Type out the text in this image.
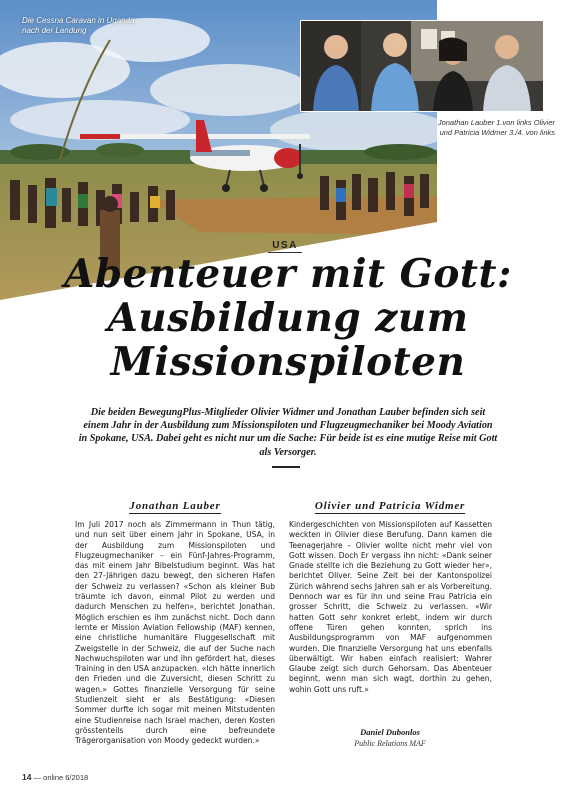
Die Cessna Caravan in Uganda nach der Landung
Jonathan Lauber 1.von links Olivier und Patricia Widmer 3./4. von links
USA
Abenteuer mit Gott:
Ausbildung zum
Missionspiloten
Die beiden BewegungPlus-Mitglieder Olivier Widmer und Jonathan Lauber befinden sich seit einem Jahr in der Ausbildung zum Missionspiloten und Flugzeugmechaniker bei Moody Aviation in Spokane, USA. Dabei geht es nicht nur um die Sache: Für beide ist es eine mutige Reise mit Gott als Versorger.
Jonathan Lauber	Olivier und Patricia Widmer
Im Juli 2017 noch als Zimmermann in Thun tätig, und nun seit über einem Jahr in Spokane, USA, in der Ausbildung zum Missionspiloten und Flugzeugmechaniker – ein Fünf-Jahres-Programm, das mit einem Jahr Bibelstudium beginnt. Was hat den 27-Jährigen dazu bewegt, den sicheren Hafen der Schweiz zu verlassen? «Schon als kleiner Bub träumte ich davon, einmal Pilot zu werden und dadurch Menschen zu helfen», berichtet Jonathan. Möglich erschien es ihm zunächst nicht. Doch dann lernte er Mission Aviation Fellowship (MAF) kennen, eine christliche humanitäre Fluggesellschaft mit Zweigstelle in der Schweiz, die auf der Suche nach Nachwuchspiloten war und ihn gefördert hat, dieses Training in den USA anzupacken. «Ich hätte innerlich den Frieden und die Zuversicht, diesen Schritt zu wagen.» Gottes finanzielle Versorgung für seine Studienzeit sieht er als Bestätigung: «Diesen Sommer durfte ich sogar mit meinen Mitstudenten eine Studienreise nach Israel machen, deren Kosten grösstenteils durch eine befreundete Trägerorganisation von Moody gedeckt wurden.»
Kindergeschichten von Missionspiloten auf Kassetten weckten in Olivier diese Berufung. Dann kamen die Teenagerjahre – Olivier wollte nicht mehr viel von Gott wissen. Doch Er vergass ihn nicht: «Dank seiner Gnade stellte ich die Beziehung zu Gott wieder her», berichtet Oliver. Seine Zeit bei der Kantonspolizei Zürich während sechs Jahren sah er als Vorbereitung. Dennoch war es für ihn und seine Frau Patricia ein grosser Schritt, die Schweiz zu verlassen. «Wir hatten Gott sehr konkret erlebt, indem wir durch offene Türen gehen konnten, sprich ins Ausbildungsprogramm von MAF aufgenommen wurden. Die finanzielle Versorgung hat uns ebenfalls überwältigt. Wir haben einfach realisiert: Wahrer Glaube zeigt sich durch Gehorsam. Das Abenteuer beginnt, wenn man sich wagt, dorthin zu gehen, wohin Gott uns ruft.»
Daniel Dubonlos
Public Relations MAF
14 — online 6/2018
